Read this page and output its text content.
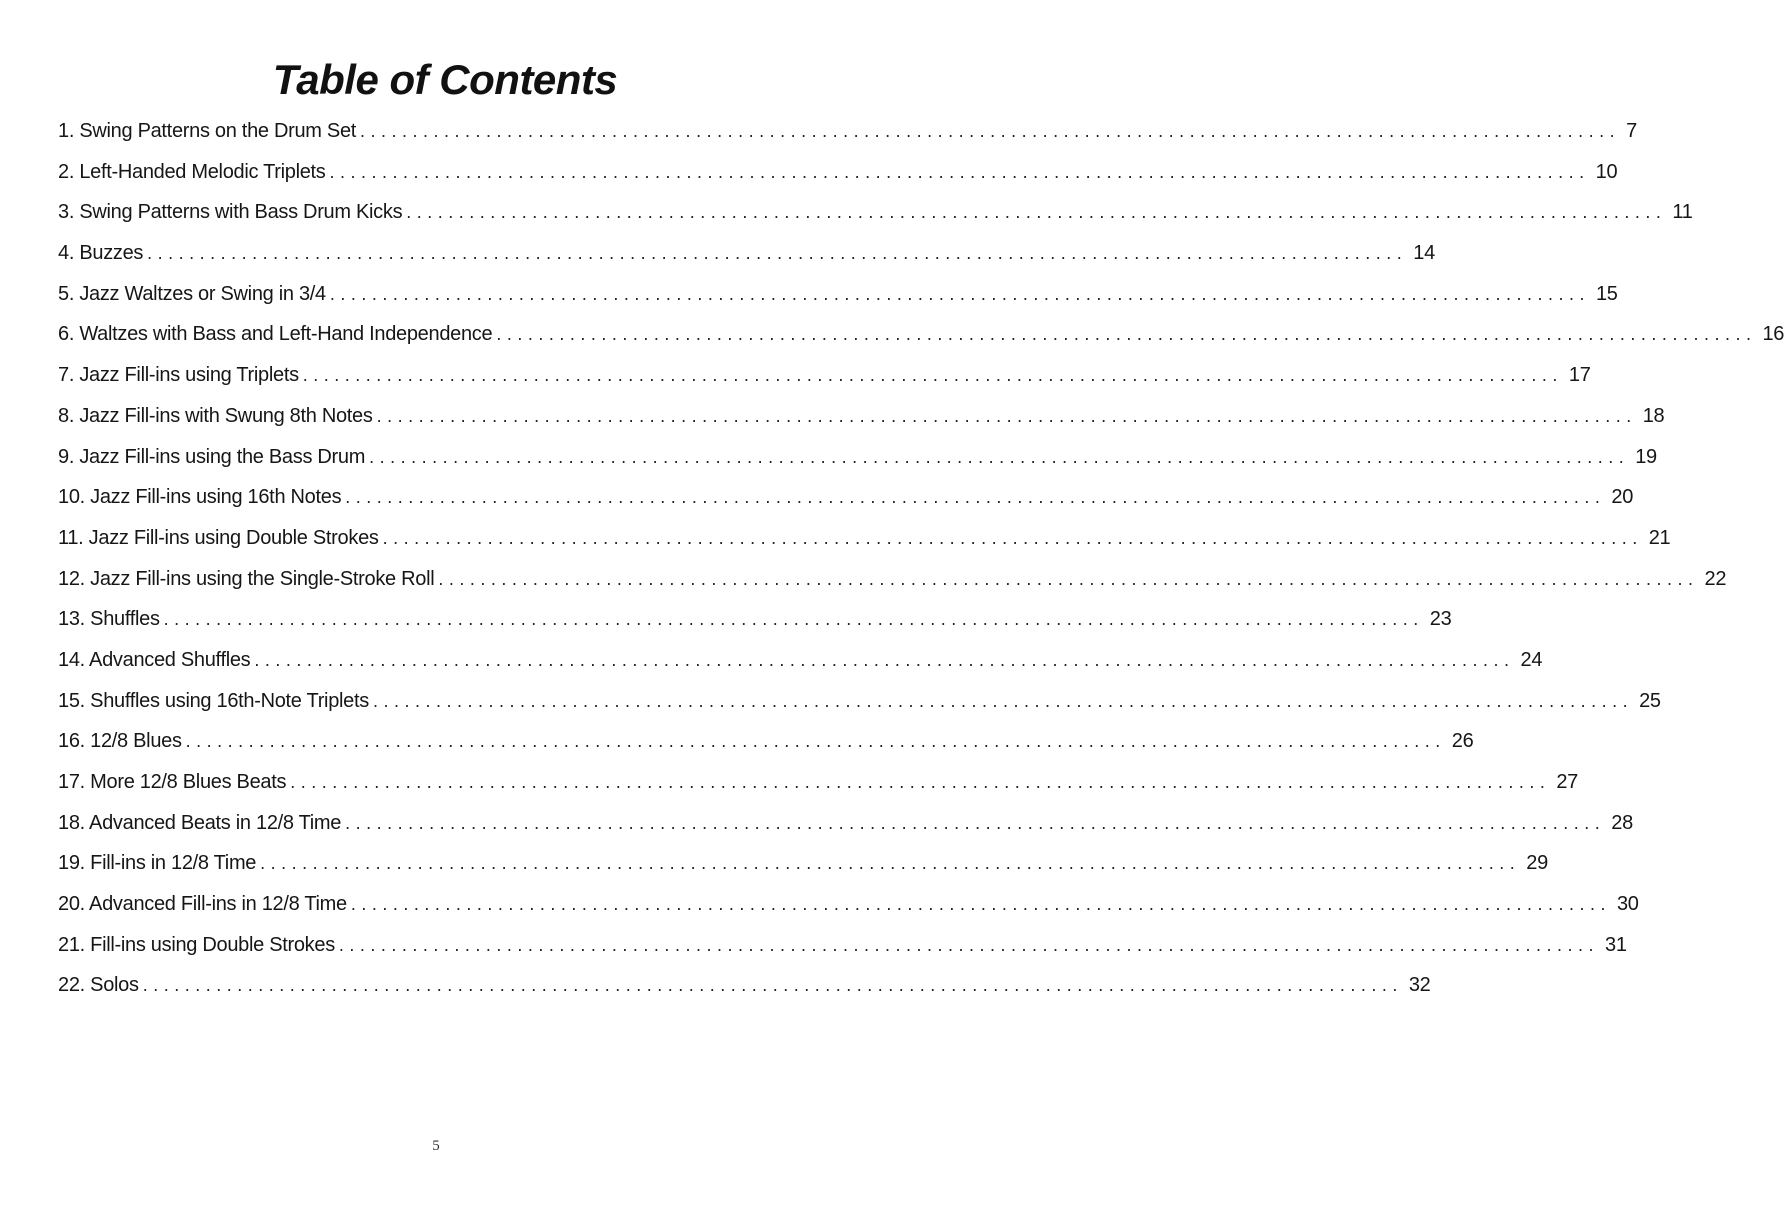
Table of Contents
1. Swing Patterns on the Drum Set ........................................................................................................................ 7
2. Left-Handed Melodic Triplets ........................................................................................................................ 10
3. Swing Patterns with Bass Drum Kicks ........................................................................................................................ 11
4. Buzzes ........................................................................................................................ 14
5. Jazz Waltzes or Swing in 3/4 ........................................................................................................................ 15
6. Waltzes with Bass and Left-Hand Independence ........................................................................................................................ 16
7. Jazz Fill-ins using Triplets ........................................................................................................................ 17
8. Jazz Fill-ins with Swung 8th Notes ........................................................................................................................ 18
9. Jazz Fill-ins using the Bass Drum ........................................................................................................................ 19
10. Jazz Fill-ins using 16th Notes ........................................................................................................................ 20
11. Jazz Fill-ins using Double Strokes ........................................................................................................................ 21
12. Jazz Fill-ins using the Single-Stroke Roll ........................................................................................................................ 22
13. Shuffles ........................................................................................................................ 23
14. Advanced Shuffles ........................................................................................................................ 24
15. Shuffles using 16th-Note Triplets ........................................................................................................................ 25
16. 12/8 Blues ........................................................................................................................ 26
17. More 12/8 Blues Beats ........................................................................................................................ 27
18. Advanced Beats in 12/8 Time ........................................................................................................................ 28
19. Fill-ins in 12/8 Time ........................................................................................................................ 29
20. Advanced Fill-ins in 12/8 Time ........................................................................................................................ 30
21. Fill-ins using Double Strokes ........................................................................................................................ 31
22. Solos ........................................................................................................................ 32
5
